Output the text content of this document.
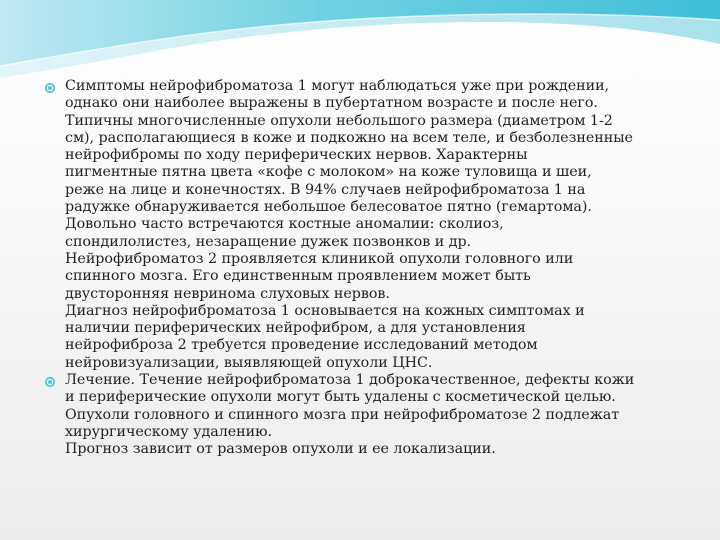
Симптомы нейрофиброматоза 1 могут наблюдаться уже при рождении,
однако они наиболее выражены в пубертатном возрасте и после него.
Типичны многочисленные опухоли небольшого размера (диаметром 1-2
см), располагающиеся в коже и подкожно на всем теле, и безболезненные
нейрофибромы по ходу периферических нервов. Характерны
пигментные пятна цвета «кофе с молоком» на коже туловища и шеи,
реже на лице и конечностях. В 94% случаев нейрофиброматоза 1 на
радужке обнаруживается небольшое белесоватое пятно (гемартома).
Довольно часто встречаются костные аномалии: сколиоз,
спондилолистез, незаращение дужек позвонков и др.
Нейрофиброматоз 2 проявляется клиникой опухоли головного или
спинного мозга. Его единственным проявлением может быть
двусторонняя невринома слуховых нервов.
Диагноз нейрофиброматоза 1 основывается на кожных симптомах и
наличии периферических нейрофибром, а для установления
нейрофиброза 2 требуется проведение исследований методом
нейровизуализации, выявляющей опухоли ЦНС.
Лечение. Течение нейрофиброматоза 1 доброкачественное, дефекты кожи
и периферические опухоли могут быть удалены с косметической целью.
Опухоли головного и спинного мозга при нейрофиброматозе 2 подлежат
хирургическому удалению.
Прогноз зависит от размеров опухоли и ее локализации.
